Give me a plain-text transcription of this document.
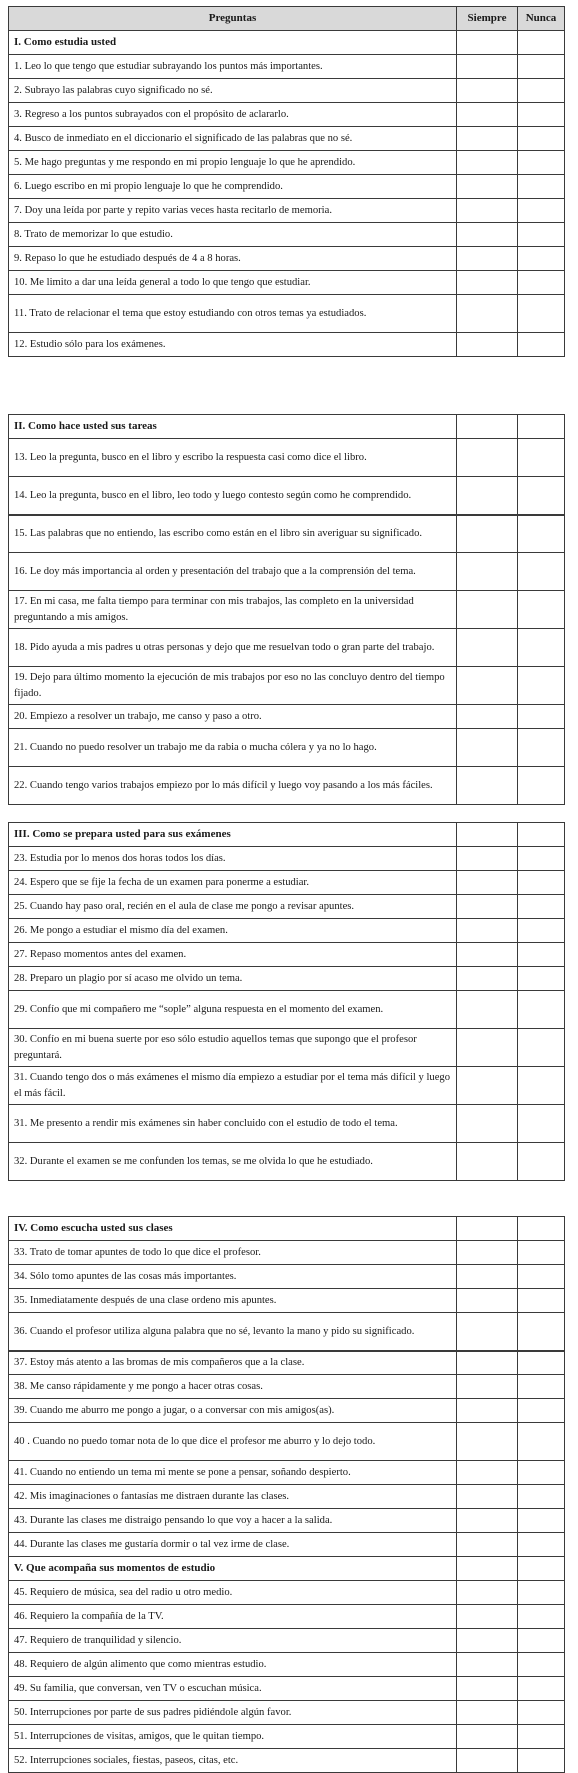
Preguntas	Siempre	Nunca
I. Como estudia usted		
1. Leo lo que tengo que estudiar subrayando los puntos más importantes.		
2. Subrayo las palabras cuyo significado no sé.		
3. Regreso a los puntos subrayados con el propósito de aclararlo.		
4. Busco de inmediato en el diccionario el significado de las palabras que no sé.		
5. Me hago preguntas y me respondo en mi propio lenguaje lo que he aprendido.		
6. Luego escribo en mi propio lenguaje lo que he comprendido.		
7. Doy una leída por parte y repito varias veces hasta recitarlo de memoria.		
8. Trato de memorizar lo que estudio.		
9. Repaso lo que he estudiado después de 4 a 8 horas.		
10. Me limito a dar una leída general a todo lo que tengo que estudiar.		
11. Trato de relacionar el tema que estoy estudiando con otros temas ya estudiados.		
12. Estudio sólo para los exámenes.		
II. Como hace usted sus tareas		
13. Leo la pregunta, busco en el libro y escribo la respuesta casi como dice el libro.		
14. Leo la pregunta, busco en el libro, leo todo y luego contesto según como he comprendido.		
15. Las palabras que no entiendo, las escribo como están en el libro sin averiguar su significado.		
16. Le doy más importancia al orden y presentación del trabajo que a la comprensión del tema.		
17. En mi casa, me falta tiempo para terminar con mis trabajos, las completo en la universidad preguntando a mis amigos.		
18. Pido ayuda a mis padres u otras personas y dejo que me resuelvan todo o gran parte del trabajo.		
19. Dejo para último momento la ejecución de mis trabajos por eso no las concluyo dentro del tiempo fijado.		
20. Empiezo a resolver un trabajo, me canso y paso a otro.		
21. Cuando no puedo resolver un trabajo me da rabia o mucha cólera y ya no lo hago.		
22. Cuando tengo varios trabajos empiezo por lo más difícil y luego voy pasando a los más fáciles.		
III. Como se prepara usted para sus exámenes		
23. Estudia por lo menos dos horas todos los días.		
24. Espero que se fije la fecha de un examen para ponerme a estudiar.		
25. Cuando hay paso oral, recién en el aula de clase me pongo a revisar apuntes.		
26. Me pongo a estudiar el mismo día del examen.		
27. Repaso momentos antes del examen.		
28. Preparo un plagio por sí acaso me olvido un tema.		
29. Confío que mi compañero me “sople” alguna respuesta en el momento del examen.		
30. Confío en mi buena suerte por eso sólo estudio aquellos temas que supongo que el profesor preguntará.		
31. Cuando tengo dos o más exámenes el mismo día empiezo a estudiar por el tema más difícil y luego el más fácil.		
31. Me presento a rendir mis exámenes sin haber concluido con el estudio de todo el tema.		
32. Durante el examen se me confunden los temas, se me olvida lo que he estudiado.		
IV. Como escucha usted sus clases		
33. Trato de tomar apuntes de todo lo que dice el profesor.		
34. Sólo tomo apuntes de las cosas más importantes.		
35. Inmediatamente después de una clase ordeno mis apuntes.		
36. Cuando el profesor utiliza alguna palabra que no sé, levanto la mano y pido su significado.		
37. Estoy más atento a las bromas de mis compañeros que a la clase.		
38. Me canso rápidamente y me pongo a hacer otras cosas.		
39. Cuando me aburro me pongo a jugar, o a conversar con mis amigos(as).		
40 . Cuando no puedo tomar nota de lo que dice el profesor me aburro y lo dejo todo.		
41. Cuando no entiendo un tema mi mente se pone a pensar, soñando despierto.		
42. Mis imaginaciones o fantasías me distraen durante las clases.		
43. Durante las clases me distraigo pensando lo que voy a hacer a la salida.		
44. Durante las clases me gustaría dormir o tal vez irme de clase.		
V. Que acompaña sus momentos de estudio		
45. Requiero de música, sea del radio u otro medio.		
46. Requiero la compañía de la TV.		
47. Requiero de tranquilidad y silencio.		
48. Requiero de algún alimento que como mientras estudio.		
49. Su familia, que conversan, ven TV o escuchan música.		
50. Interrupciones por parte de sus padres pidiéndole algún favor.		
51. Interrupciones de visitas, amigos, que le quitan tiempo.		
52. Interrupciones sociales, fiestas, paseos, citas, etc.		
